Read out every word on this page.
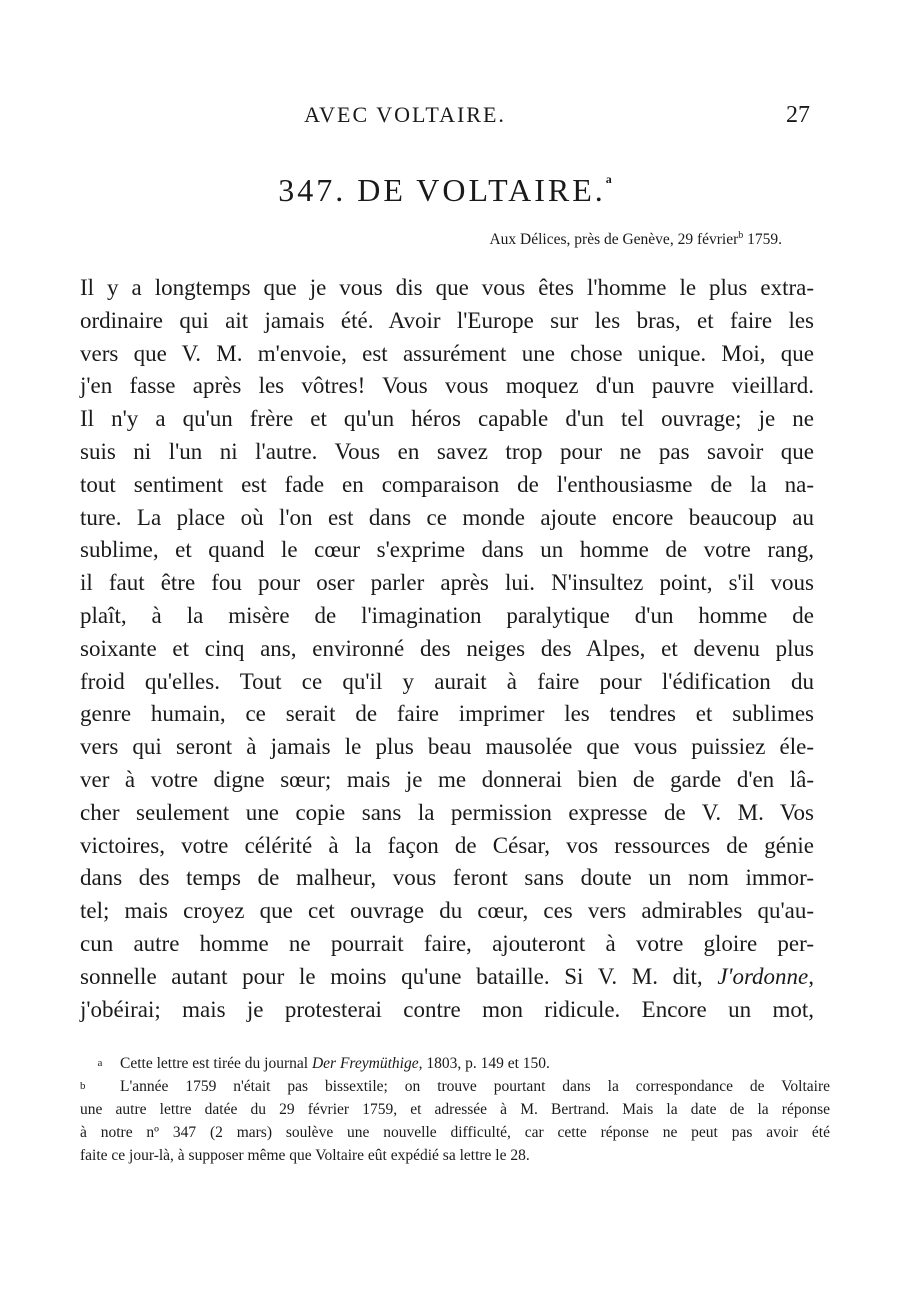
AVEC VOLTAIRE.	27
347. DE VOLTAIRE.$^a$
Aux Délices, près de Genève, 29 février$^b$ 1759.
Il y a longtemps que je vous dis que vous êtes l'homme le plus extra-
ordinaire qui ait jamais été. Avoir l'Europe sur les bras, et faire les
vers que V. M. m'envoie, est assurément une chose unique. Moi, que
j'en fasse après les vôtres! Vous vous moquez d'un pauvre vieillard.
Il n'y a qu'un frère et qu'un héros capable d'un tel ouvrage; je ne
suis ni l'un ni l'autre. Vous en savez trop pour ne pas savoir que
tout sentiment est fade en comparaison de l'enthousiasme de la na-
ture. La place où l'on est dans ce monde ajoute encore beaucoup au
sublime, et quand le cœur s'exprime dans un homme de votre rang,
il faut être fou pour oser parler après lui. N'insultez point, s'il vous
plaît, à la misère de l'imagination paralytique d'un homme de
soixante et cinq ans, environné des neiges des Alpes, et devenu plus
froid qu'elles. Tout ce qu'il y aurait à faire pour l'édification du
genre humain, ce serait de faire imprimer les tendres et sublimes
vers qui seront à jamais le plus beau mausolée que vous puissiez éle-
ver à votre digne sœur; mais je me donnerai bien de garde d'en lâ-
cher seulement une copie sans la permission expresse de V. M. Vos
victoires, votre célérité à la façon de César, vos ressources de génie
dans des temps de malheur, vous feront sans doute un nom immor-
tel; mais croyez que cet ouvrage du cœur, ces vers admirables qu'au-
cun autre homme ne pourrait faire, ajouteront à votre gloire per-
sonnelle autant pour le moins qu'une bataille. Si V. M. dit, J'ordonne,
j'obéirai; mais je protesterai contre mon ridicule. Encore un mot,
a Cette lettre est tirée du journal Der Freymüthige, 1803, p. 149 et 150.
b L'année 1759 n'était pas bissextile; on trouve pourtant dans la correspondance de Voltaire
une autre lettre datée du 29 février 1759, et adressée à M. Bertrand. Mais la date de la réponse
à notre nº 347 (2 mars) soulève une nouvelle difficulté, car cette réponse ne peut pas avoir été
faite ce jour-là, à supposer même que Voltaire eût expédié sa lettre le 28.
